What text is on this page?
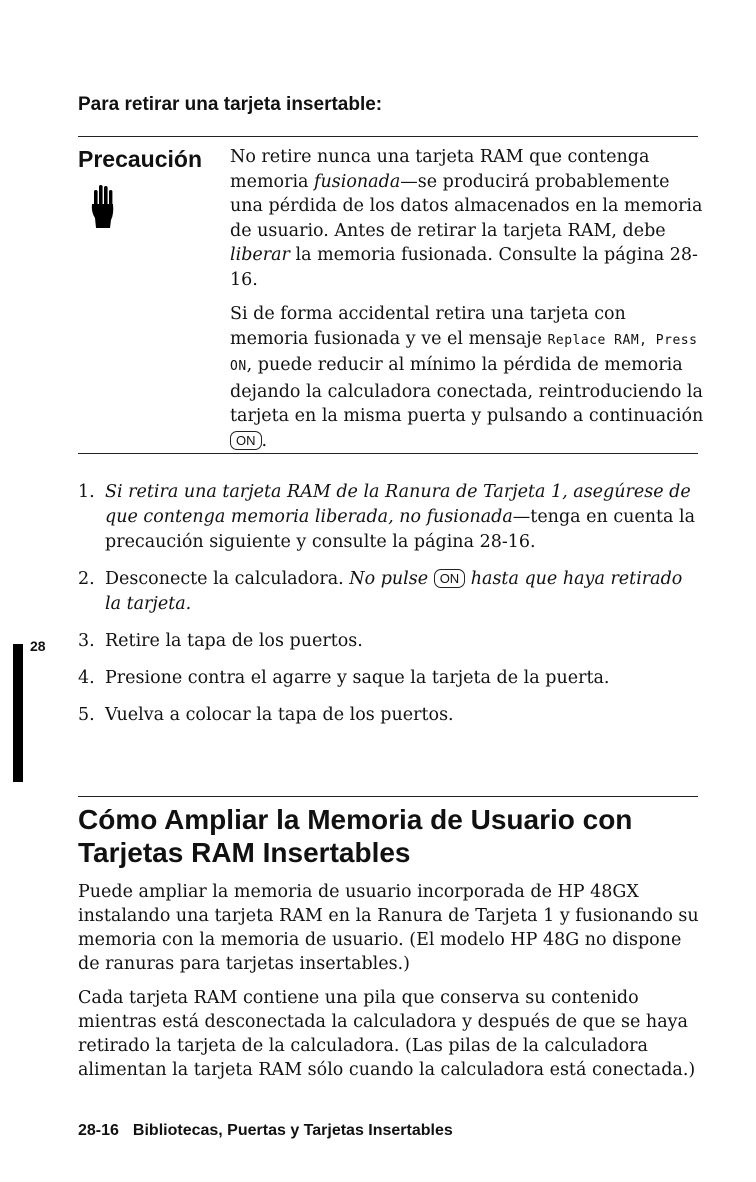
Para retirar una tarjeta insertable:
Precaución No retire nunca una tarjeta RAM que contenga memoria fusionada—se producirá probablemente una pérdida de los datos almacenados en la memoria de usuario. Antes de retirar la tarjeta RAM, debe liberar la memoria fusionada. Consulte la página 28-16.

Si de forma accidental retira una tarjeta con memoria fusionada y ve el mensaje Replace RAM, Press ON, puede reducir al mínimo la pérdida de memoria dejando la calculadora conectada, reintroduciendo la tarjeta en la misma puerta y pulsando a continuación ON .

1. Si retira una tarjeta RAM de la Ranura de Tarjeta 1, asegúrese de que contenga memoria liberada, no fusionada—tenga en cuenta la precaución siguiente y consulte la página 28-16.
2. Desconecte la calculadora. No pulse ON hasta que haya retirado la tarjeta.
3. Retire la tapa de los puertos.
4. Presione contra el agarre y saque la tarjeta de la puerta.
5. Vuelva a colocar la tapa de los puertos.
28
Cómo Ampliar la Memoria de Usuario con Tarjetas RAM Insertables

Puede ampliar la memoria de usuario incorporada de HP 48GX instalando una tarjeta RAM en la Ranura de Tarjeta 1 y fusionando su memoria con la memoria de usuario. (El modelo HP 48G no dispone de ranuras para tarjetas insertables.)

Cada tarjeta RAM contiene una pila que conserva su contenido mientras está desconectada la calculadora y después de que se haya retirado la tarjeta de la calculadora. (Las pilas de la calculadora alimentan la tarjeta RAM sólo cuando la calculadora está conectada.)

28-16 Bibliotecas, Puertas y Tarjetas Insertables
